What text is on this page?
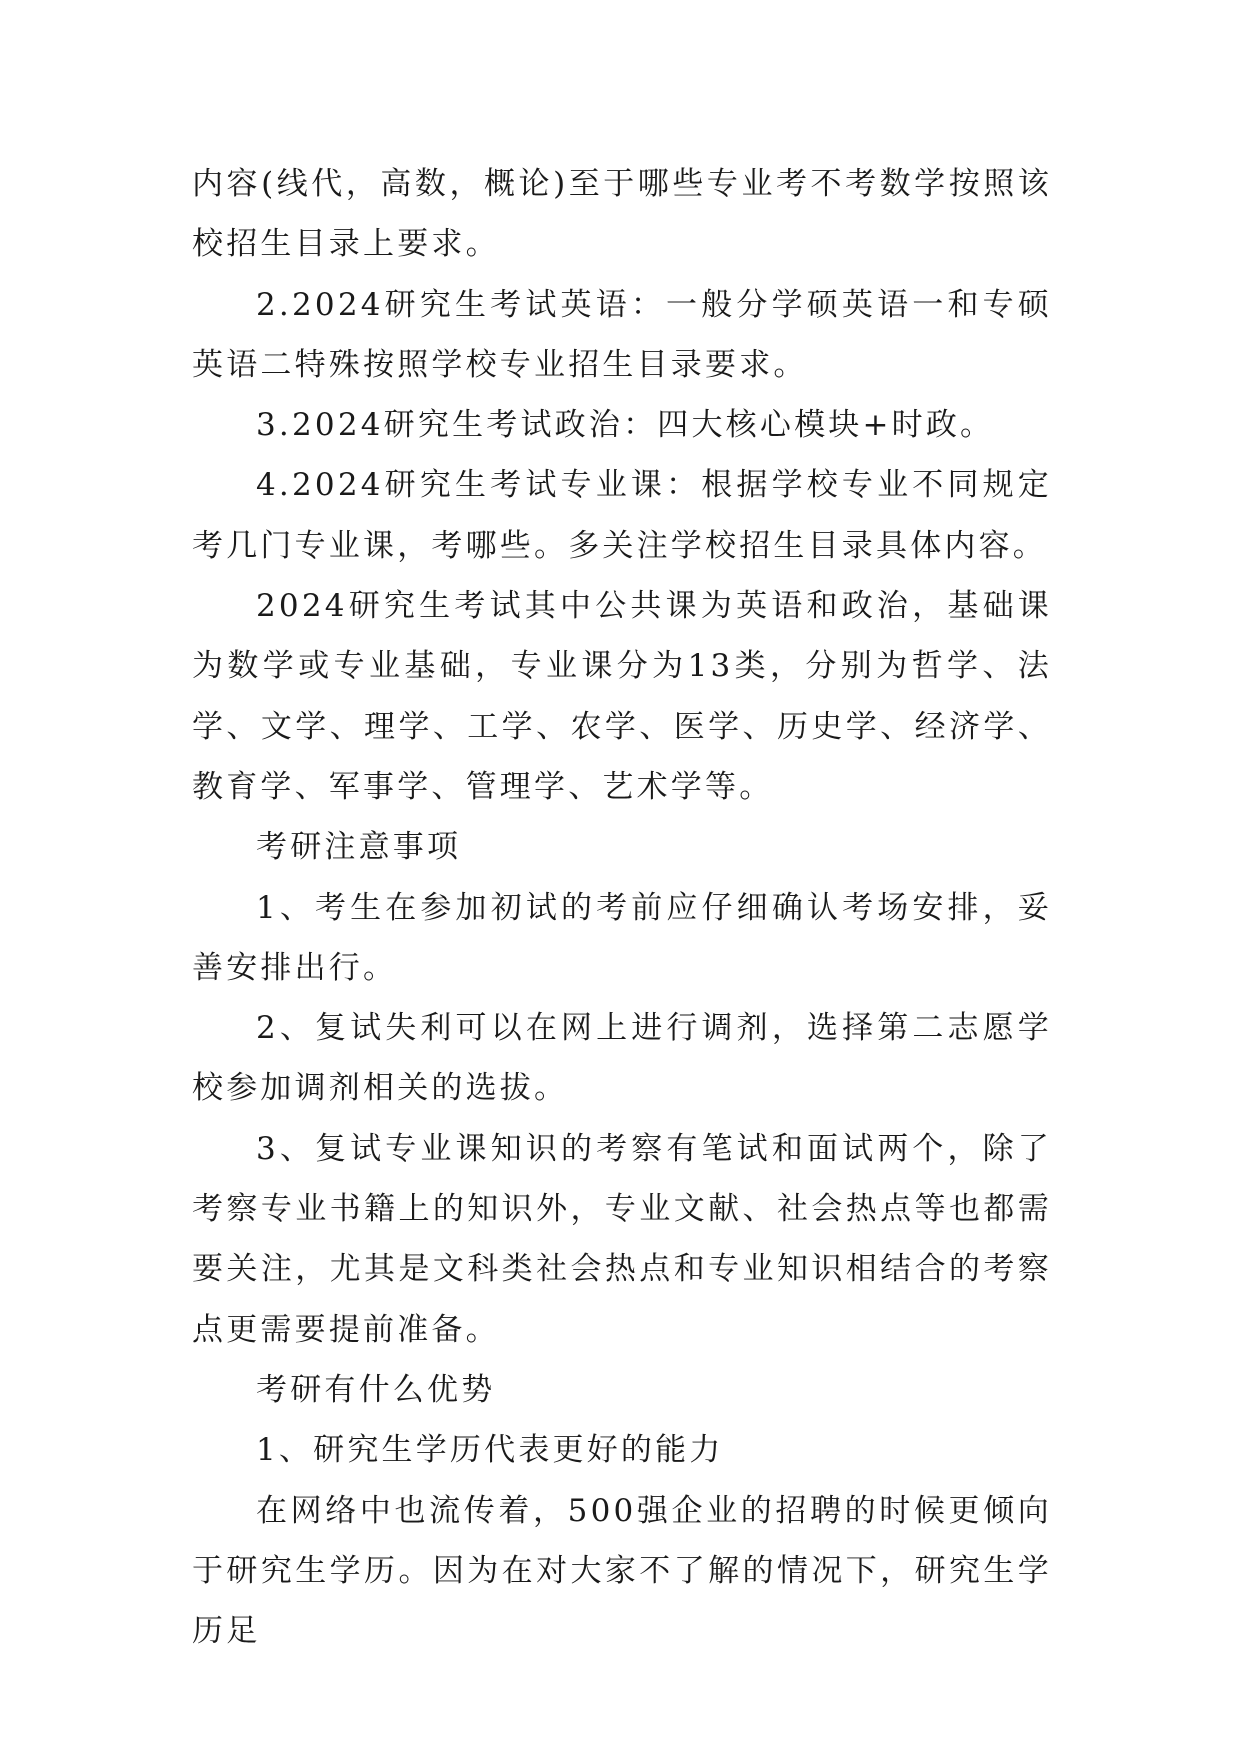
内容(线代，高数，概论)至于哪些专业考不考数学按照该校招生目录上要求。

2.2024研究生考试英语：一般分学硕英语一和专硕英语二特殊按照学校专业招生目录要求。

3.2024研究生考试政治：四大核心模块+时政。

4.2024研究生考试专业课：根据学校专业不同规定考几门专业课，考哪些。多关注学校招生目录具体内容。

2024研究生考试其中公共课为英语和政治，基础课为数学或专业基础，专业课分为13类，分别为哲学、法学、文学、理学、工学、农学、医学、历史学、经济学、教育学、军事学、管理学、艺术学等。

考研注意事项

1、考生在参加初试的考前应仔细确认考场安排，妥善安排出行。

2、复试失利可以在网上进行调剂，选择第二志愿学校参加调剂相关的选拔。

3、复试专业课知识的考察有笔试和面试两个，除了考察专业书籍上的知识外，专业文献、社会热点等也都需要关注，尤其是文科类社会热点和专业知识相结合的考察点更需要提前准备。

考研有什么优势

1、研究生学历代表更好的能力

在网络中也流传着，500强企业的招聘的时候更倾向于研究生学历。因为在对大家不了解的情况下，研究生学历足
